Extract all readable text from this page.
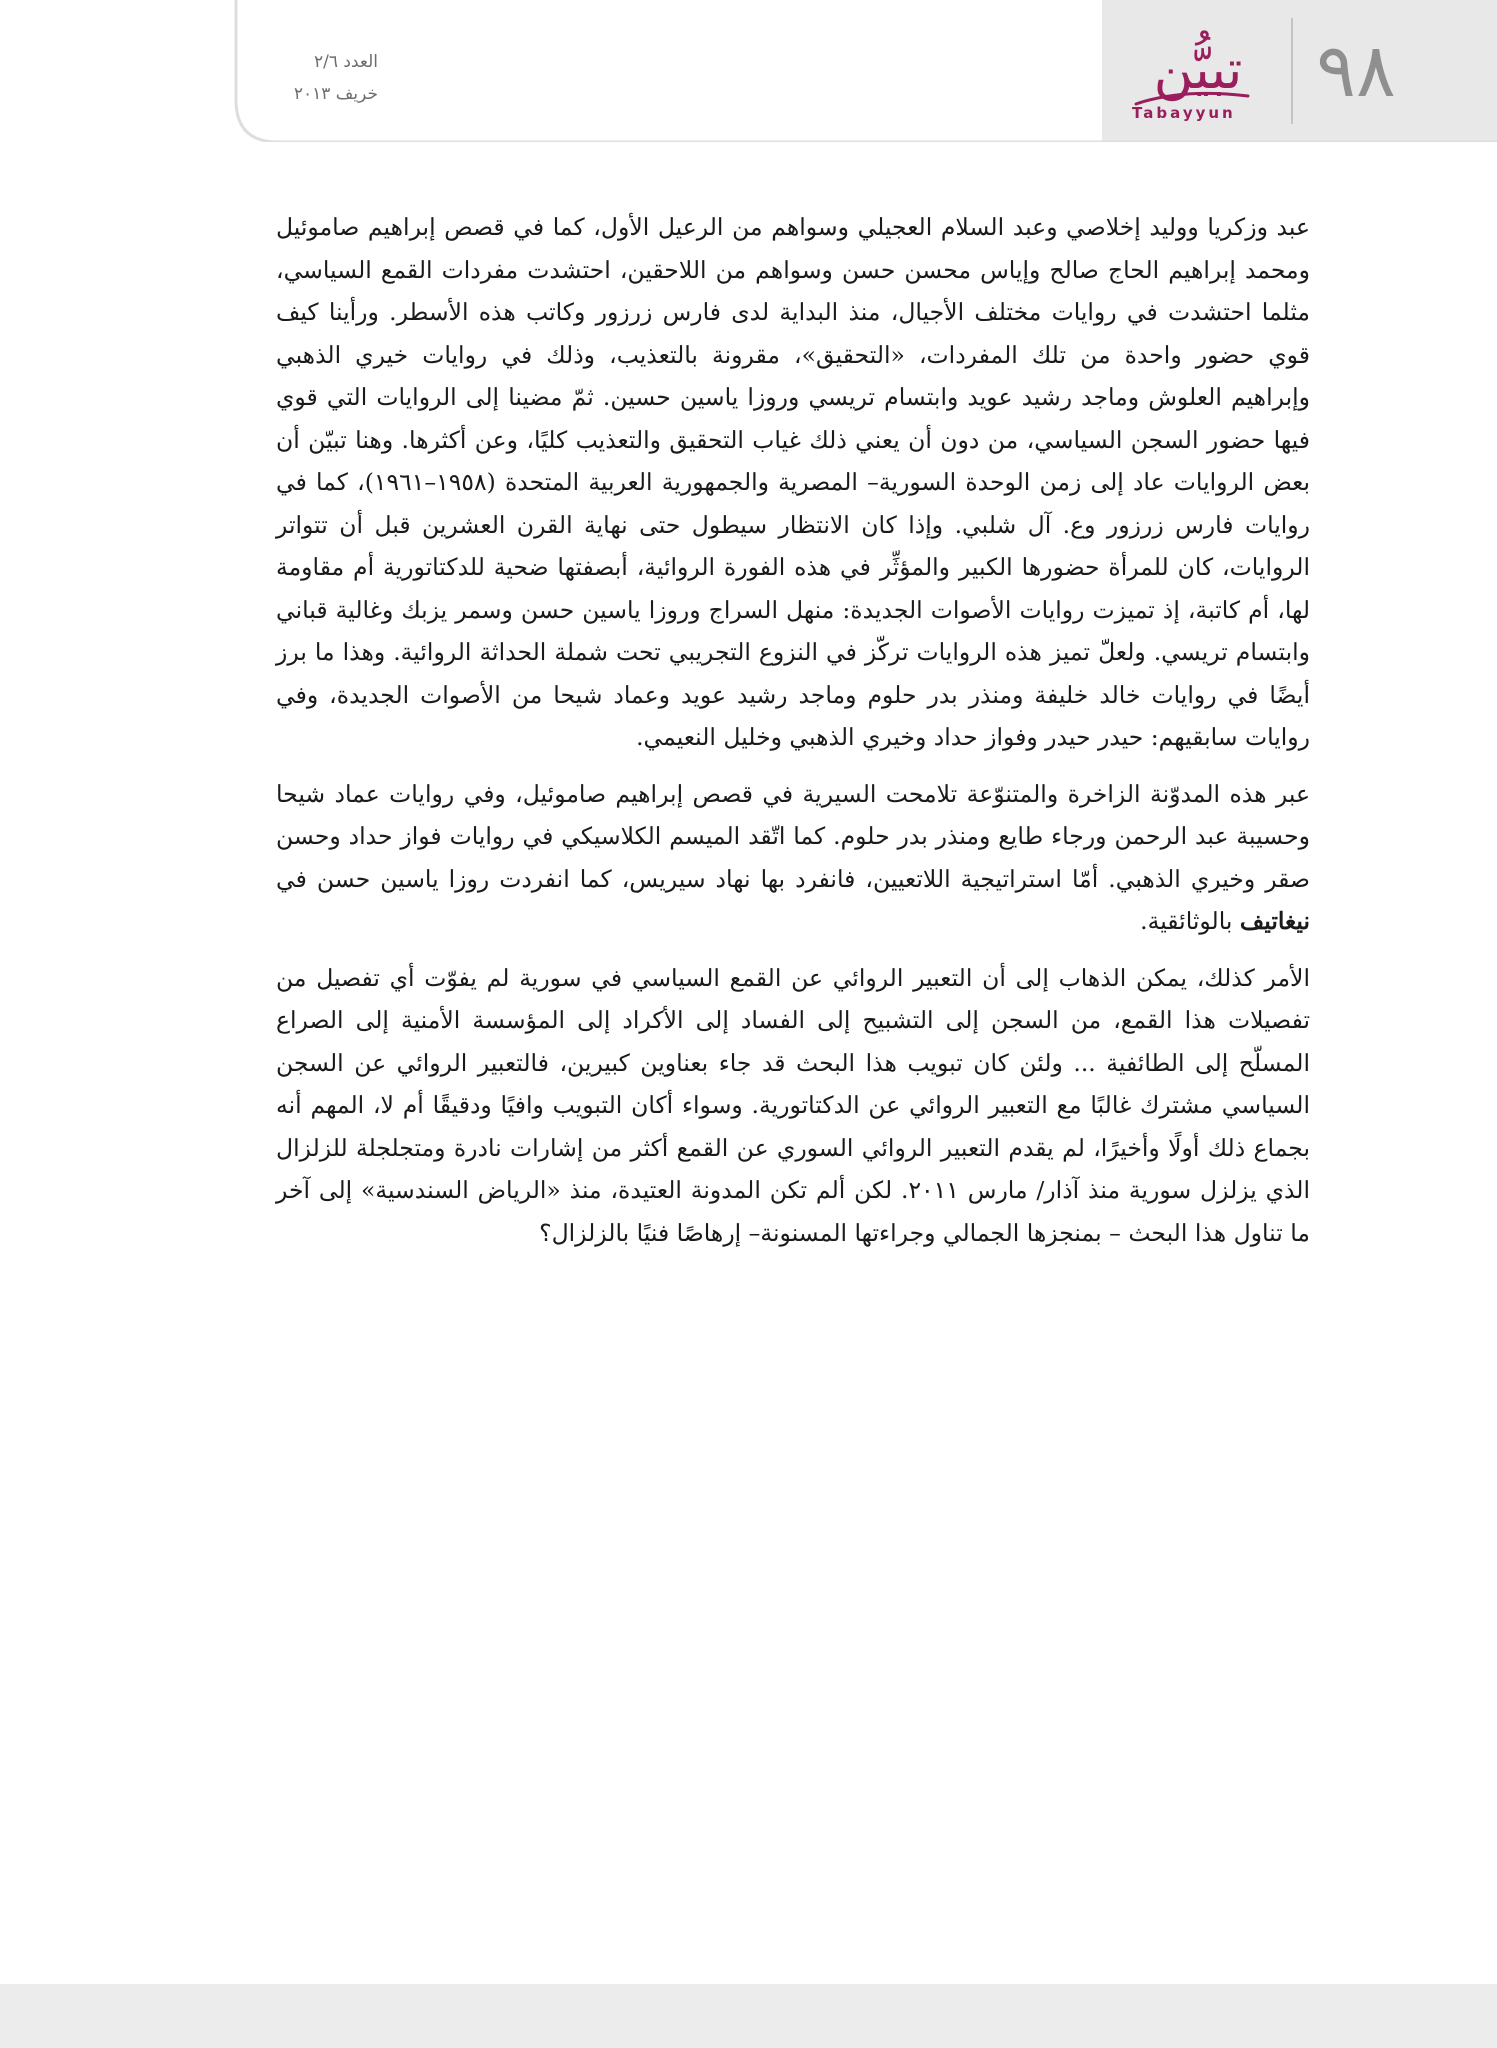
العدد ٢/٦
خريف ٢٠١٣	تبيُّن
Tabayyun	٩٨

عبد وزكريا ووليد إخلاصي وعبد السلام العجيلي وسواهم من الرعيل الأول، كما في قصص إبراهيم صاموئيل ومحمد إبراهيم الحاج صالح وإياس محسن حسن وسواهم من اللاحقين، احتشدت مفردات القمع السياسي، مثلما احتشدت في روايات مختلف الأجيال، منذ البداية لدى فارس زرزور وكاتب هذه الأسطر. ورأينا كيف قوي حضور واحدة من تلك المفردات، «التحقيق»، مقرونة بالتعذيب، وذلك في روايات خيري الذهبي وإبراهيم العلوش وماجد رشيد عويد وابتسام تريسي وروزا ياسين حسين. ثمّ مضينا إلى الروايات التي قوي فيها حضور السجن السياسي، من دون أن يعني ذلك غياب التحقيق والتعذيب كليًا، وعن أكثرها. وهنا تبيّن أن بعض الروايات عاد إلى زمن الوحدة السورية– المصرية والجمهورية العربية المتحدة (١٩٥٨–١٩٦١)، كما في روايات فارس زرزور وع. آل شلبي. وإذا كان الانتظار سيطول حتى نهاية القرن العشرين قبل أن تتواتر الروايات، كان للمرأة حضورها الكبير والمؤثِّر في هذه الفورة الروائية، أبصفتها ضحية للدكتاتورية أم مقاومة لها، أم كاتبة، إذ تميزت روايات الأصوات الجديدة: منهل السراج وروزا ياسين حسن وسمر يزبك وغالية قباني وابتسام تريسي. ولعلّ تميز هذه الروايات تركّز في النزوع التجريبي تحت شملة الحداثة الروائية. وهذا ما برز أيضًا في روايات خالد خليفة ومنذر بدر حلوم وماجد رشيد عويد وعماد شيحا من الأصوات الجديدة، وفي روايات سابقيهم: حيدر حيدر وفواز حداد وخيري الذهبي وخليل النعيمي.

عبر هذه المدوّنة الزاخرة والمتنوّعة تلامحت السيرية في قصص إبراهيم صاموئيل، وفي روايات عماد شيحا وحسيبة عبد الرحمن ورجاء طايع ومنذر بدر حلوم. كما اتّقد الميسم الكلاسيكي في روايات فواز حداد وحسن صقر وخيري الذهبي. أمّا استراتيجية اللاتعيين، فانفرد بها نهاد سيريس، كما انفردت روزا ياسين حسن في نيغاتيف بالوثائقية.

الأمر كذلك، يمكن الذهاب إلى أن التعبير الروائي عن القمع السياسي في سورية لم يفوّت أي تفصيل من تفصيلات هذا القمع، من السجن إلى التشبيح إلى الفساد إلى الأكراد إلى المؤسسة الأمنية إلى الصراع المسلّح إلى الطائفية ... ولئن كان تبويب هذا البحث قد جاء بعناوين كبيرين، فالتعبير الروائي عن السجن السياسي مشترك غالبًا مع التعبير الروائي عن الدكتاتورية. وسواء أكان التبويب وافيًا ودقيقًا أم لا، المهم أنه بجماع ذلك أولًا وأخيرًا، لم يقدم التعبير الروائي السوري عن القمع أكثر من إشارات نادرة ومتجلجلة للزلزال الذي يزلزل سورية منذ آذار/ مارس ٢٠١١. لكن ألم تكن المدونة العتيدة، منذ «الرياض السندسية» إلى آخر ما تناول هذا البحث – بمنجزها الجمالي وجراءتها المسنونة– إرهاصًا فنيًا بالزلزال؟
